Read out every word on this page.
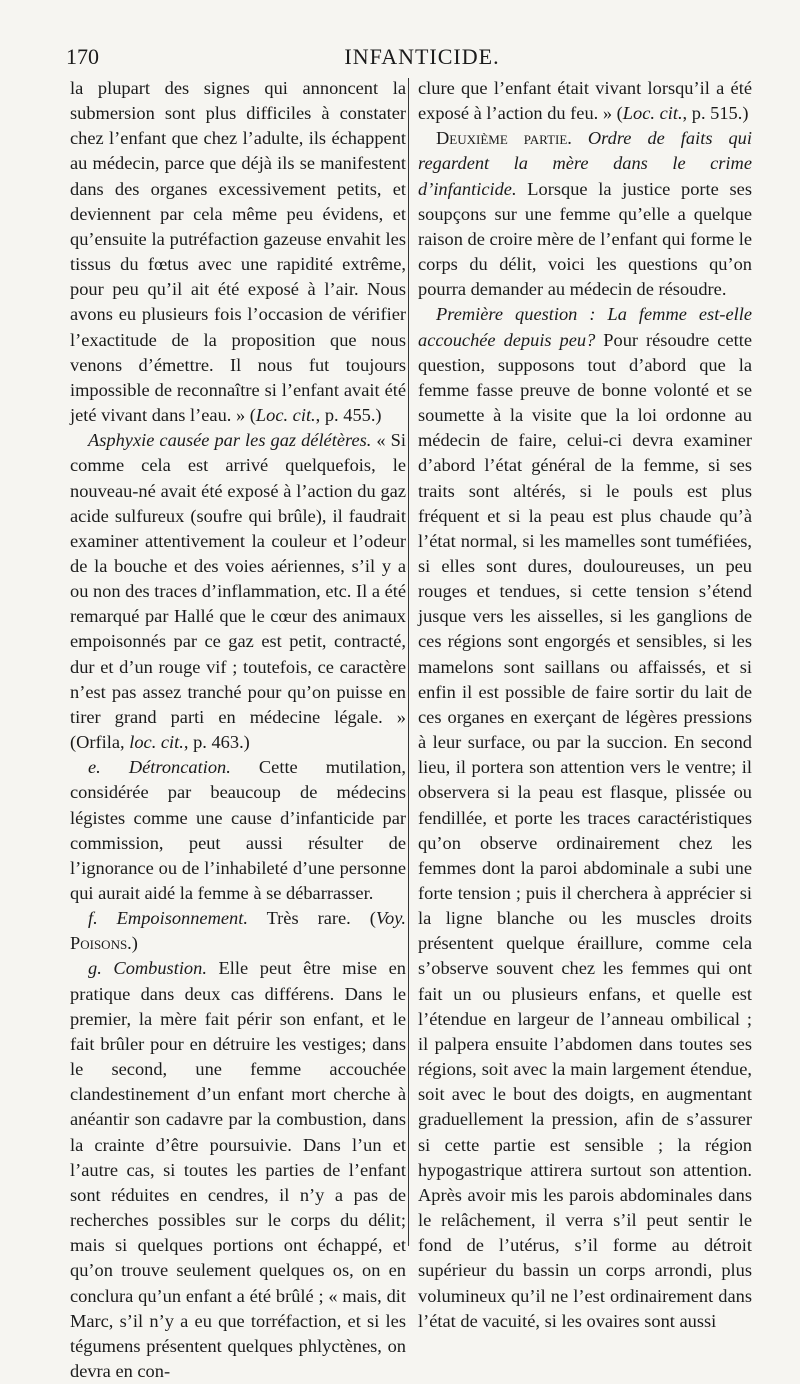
170	INFANTICIDE.

la plupart des signes qui annoncent la submersion sont plus difficiles à constater chez l’enfant que chez l’adulte, ils échappent au médecin, parce que déjà ils se manifestent dans des organes excessivement petits, et deviennent par cela même peu évidens, et qu’ensuite la putréfaction gazeuse envahit les tissus du fœtus avec une rapidité extrême, pour peu qu’il ait été exposé à l’air. Nous avons eu plusieurs fois l’occasion de vérifier l’exactitude de la proposition que nous venons d’émettre. Il nous fut toujours impossible de reconnaître si l’enfant avait été jeté vivant dans l’eau. » (Loc. cit., p. 455.)

Asphyxie causée par les gaz délétères. « Si comme cela est arrivé quelquefois, le nouveau-né avait été exposé à l’action du gaz acide sulfureux (soufre qui brûle), il faudrait examiner attentivement la couleur et l’odeur de la bouche et des voies aériennes, s’il y a ou non des traces d’inflammation, etc. Il a été remarqué par Hallé que le cœur des animaux empoisonnés par ce gaz est petit, contracté, dur et d’un rouge vif ; toutefois, ce caractère n’est pas assez tranché pour qu’on puisse en tirer grand parti en médecine légale. » (Orfila, loc. cit., p. 463.)

e. Détroncation. Cette mutilation, considérée par beaucoup de médecins légistes comme une cause d’infanticide par commission, peut aussi résulter de l’ignorance ou de l’inhabileté d’une personne qui aurait aidé la femme à se débarrasser.

f. Empoisonnement. Très rare. (Voy. Poisons.)

g. Combustion. Elle peut être mise en pratique dans deux cas différens. Dans le premier, la mère fait périr son enfant, et le fait brûler pour en détruire les vestiges; dans le second, une femme accouchée clandestinement d’un enfant mort cherche à anéantir son cadavre par la combustion, dans la crainte d’être poursuivie. Dans l’un et l’autre cas, si toutes les parties de l’enfant sont réduites en cendres, il n’y a pas de recherches possibles sur le corps du délit; mais si quelques portions ont échappé, et qu’on trouve seulement quelques os, on en conclura qu’un enfant a été brûlé ; « mais, dit Marc, s’il n’y a eu que torréfaction, et si les tégumens présentent quelques phlyctènes, on devra en con-

clure que l’enfant était vivant lorsqu’il a été exposé à l’action du feu. » (Loc. cit., p. 515.)

Deuxième partie. Ordre de faits qui regardent la mère dans le crime d’infanticide. Lorsque la justice porte ses soupçons sur une femme qu’elle a quelque raison de croire mère de l’enfant qui forme le corps du délit, voici les questions qu’on pourra demander au médecin de résoudre.

Première question : La femme est-elle accouchée depuis peu? Pour résoudre cette question, supposons tout d’abord que la femme fasse preuve de bonne volonté et se soumette à la visite que la loi ordonne au médecin de faire, celui-ci devra examiner d’abord l’état général de la femme, si ses traits sont altérés, si le pouls est plus fréquent et si la peau est plus chaude qu’à l’état normal, si les mamelles sont tuméfiées, si elles sont dures, douloureuses, un peu rouges et tendues, si cette tension s’étend jusque vers les aisselles, si les ganglions de ces régions sont engorgés et sensibles, si les mamelons sont saillans ou affaissés, et si enfin il est possible de faire sortir du lait de ces organes en exerçant de légères pressions à leur surface, ou par la succion. En second lieu, il portera son attention vers le ventre; il observera si la peau est flasque, plissée ou fendillée, et porte les traces caractéristiques qu’on observe ordinairement chez les femmes dont la paroi abdominale a subi une forte tension ; puis il cherchera à apprécier si la ligne blanche ou les muscles droits présentent quelque éraillure, comme cela s’observe souvent chez les femmes qui ont fait un ou plusieurs enfans, et quelle est l’étendue en largeur de l’anneau ombilical ; il palpera ensuite l’abdomen dans toutes ses régions, soit avec la main largement étendue, soit avec le bout des doigts, en augmentant graduellement la pression, afin de s’assurer si cette partie est sensible ; la région hypogastrique attirera surtout son attention. Après avoir mis les parois abdominales dans le relâchement, il verra s’il peut sentir le fond de l’utérus, s’il forme au détroit supérieur du bassin un corps arrondi, plus volumineux qu’il ne l’est ordinairement dans l’état de vacuité, si les ovaires sont aussi
